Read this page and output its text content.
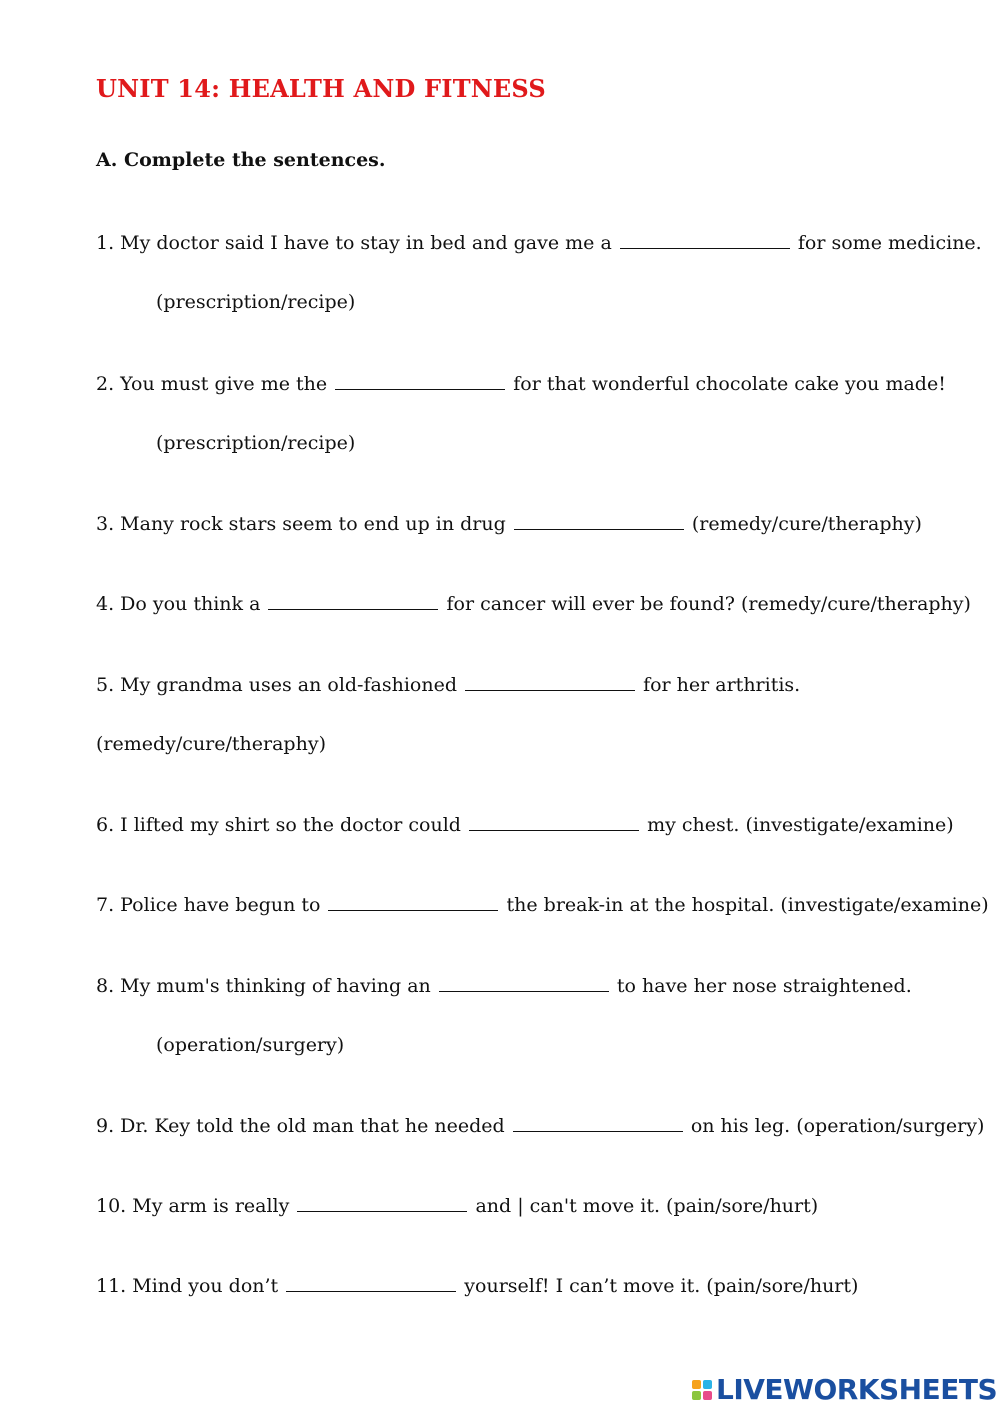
UNIT 14: HEALTH AND FITNESS
A. Complete the sentences.
1. My doctor said I have to stay in bed and gave me a	for some medicine.
(prescription/recipe)
2. You must give me the	for that wonderful chocolate cake you made!
(prescription/recipe)
3. Many rock stars seem to end up in drug	(remedy/cure/theraphy)
4. Do you think a	for cancer will ever be found? (remedy/cure/theraphy)
5. My grandma uses an old-fashioned	for her arthritis.
(remedy/cure/theraphy)
6. I lifted my shirt so the doctor could	my chest. (investigate/examine)
7. Police have begun to	the break-in at the hospital. (investigate/examine)
8. My mum's thinking of having an	to have her nose straightened.
(operation/surgery)
9. Dr. Key told the old man that he needed	on his leg. (operation/surgery)
10. My arm is really	and | can't move it. (pain/sore/hurt)
11. Mind you don’t	yourself! I can’t move it. (pain/sore/hurt)
LIVEWORKSHEETS
